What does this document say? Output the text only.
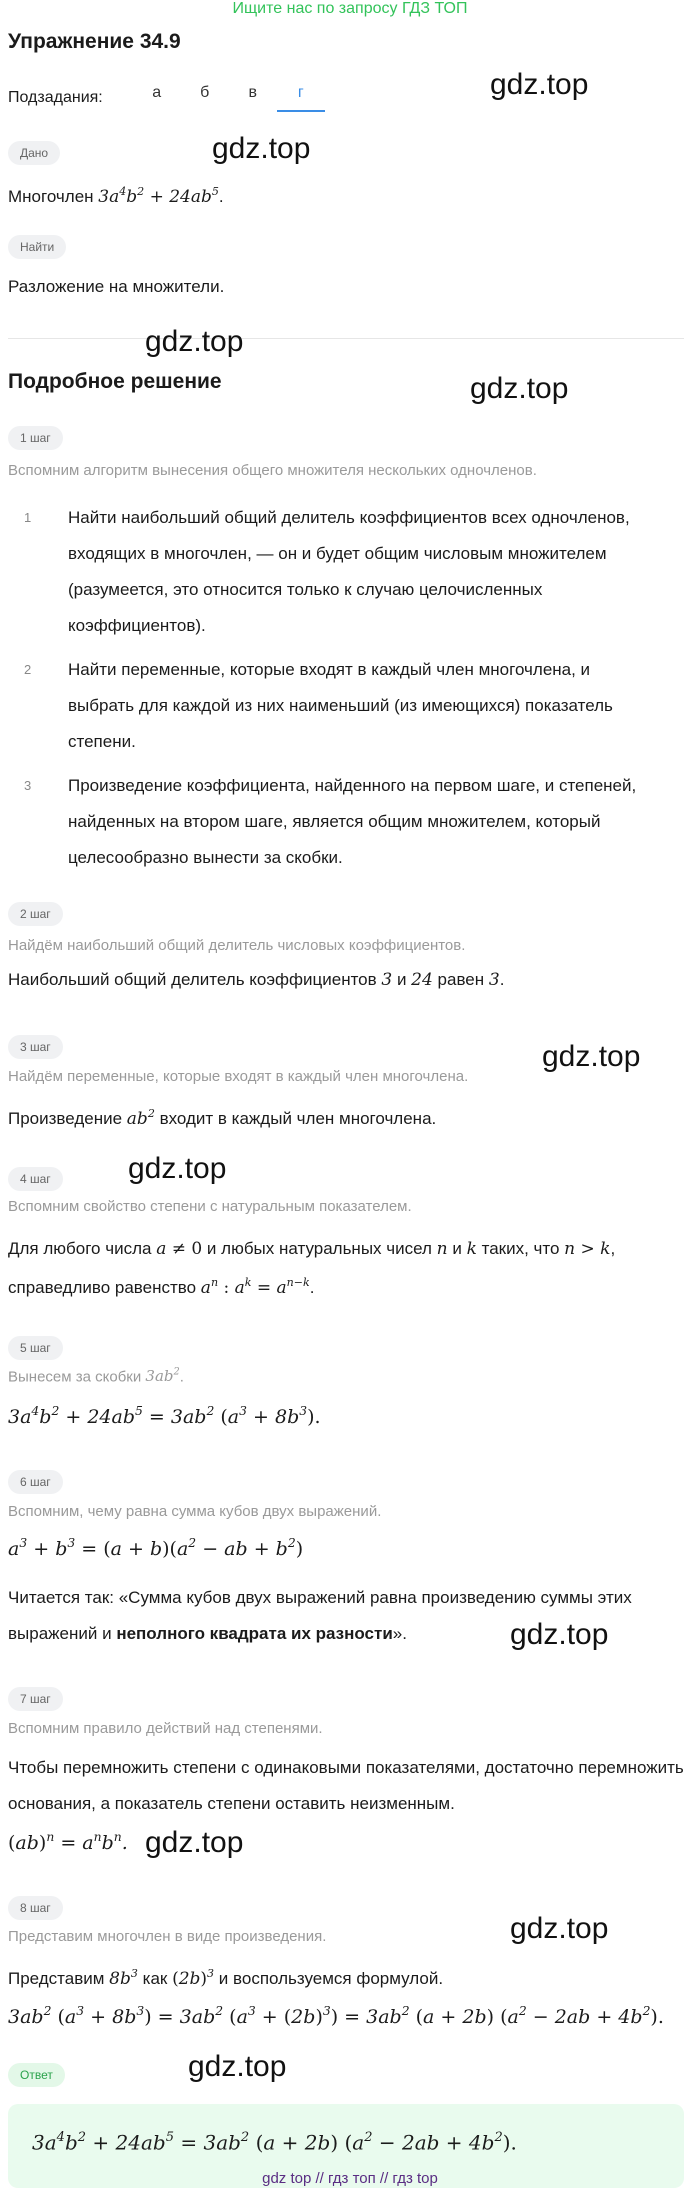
Ищите нас по запросу ГДЗ ТОП
Упражнение 34.9
Подзадания:	а	б	в	г
Дано
Многочлен $3a^4b^2 + 24ab^5$.
Найти
Разложение на множители.
Подробное решение
1 шаг
Вспомним алгоритм вынесения общего множителя нескольких одночленов.
1	Найти наибольший общий делитель коэффициентов всех одночленов, входящих в многочлен, — он и будет общим числовым множителем (разумеется, это относится только к случаю целочисленных коэффициентов).
2	Найти переменные, которые входят в каждый член многочлена, и выбрать для каждой из них наименьший (из имеющихся) показатель степени.
3	Произведение коэффициента, найденного на первом шаге, и степеней, найденных на втором шаге, является общим множителем, который целесообразно вынести за скобки.
2 шаг
Найдём наибольший общий делитель числовых коэффициентов.
Наибольший общий делитель коэффициентов 3 и 24 равен 3.
3 шаг
Найдём переменные, которые входят в каждый член многочлена.
Произведение $ab^2$ входит в каждый член многочлена.
4 шаг
Вспомним свойство степени с натуральным показателем.
Для любого числа a ≠ 0 и любых натуральных чисел n и k таких, что n > k,
справедливо равенство $a^n$ : $a^k = a^{n-k}$.
5 шаг
Вынесем за скобки $3ab^2$.
$3a^4b^2 + 24ab^5 = 3ab^2$ $(a^3 + 8b^3)$.
6 шаг
Вспомним, чему равна сумма кубов двух выражений.
$a^3 + b^3 = (a + b)(a^2$ − ab + $b^2$)
Читается так: «Сумма кубов двух выражений равна произведению суммы этих выражений и неполного квадрата их разности».
7 шаг
Вспомним правило действий над степенями.
Чтобы перемножить степени с одинаковыми показателями, достаточно перемножить основания, а показатель степени оставить неизменным.
$(ab)^n = a^nb^n$.
8 шаг
Представим многочлен в виде произведения.
Представим $8b^3$ как $(2b)^3$ и воспользуемся формулой.
$3ab^2$ $(a^3 + 8b^3) = 3ab^2$ $(a^3 + (2b)^3) = 3ab^2$ (a + 2b) $(a^2 - 2ab + 4b^2)$.
Ответ
$3a^4b^2 + 24ab^5 = 3ab^2$ (a + 2b) $(a^2 - 2ab + 4b^2)$.
gdz.top
gdz.top
gdz.top
gdz.top
gdz.top
gdz.top
gdz.top
gdz.top
gdz.top
gdz.top
gdz top // гдз топ // гдз top
